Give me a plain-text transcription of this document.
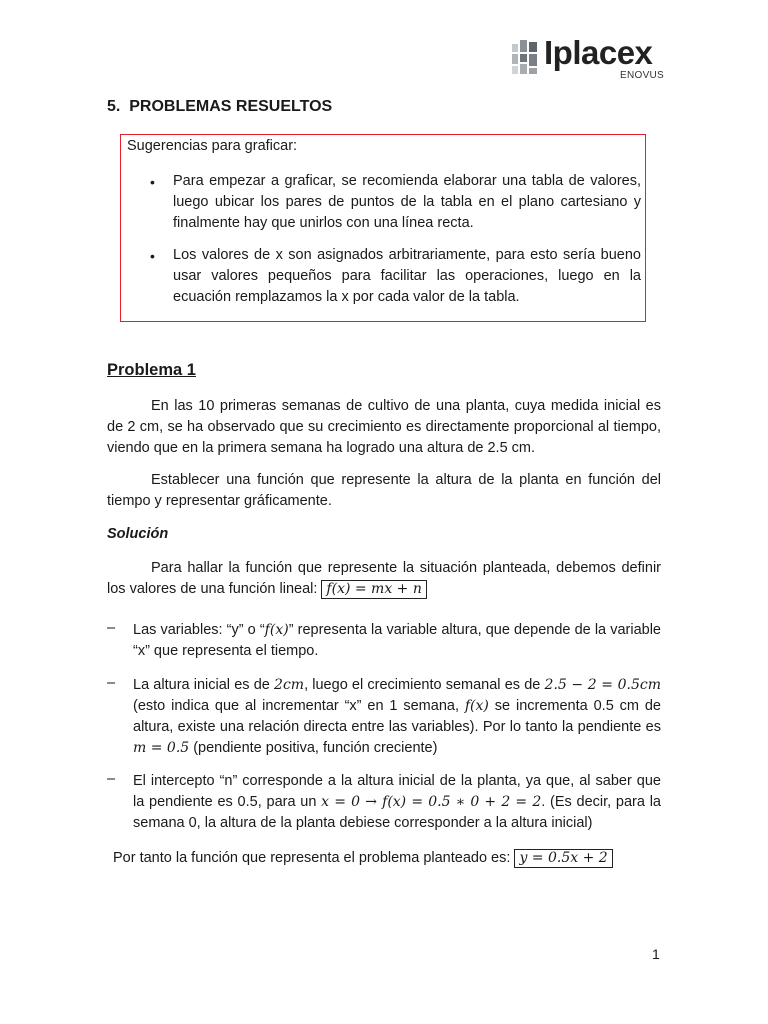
Iplacex
ENOVUS
5. PROBLEMAS RESUELTOS
Sugerencias para graficar:
• Para empezar a graficar, se recomienda elaborar una tabla de valores, luego ubicar los pares de puntos de la tabla en el plano cartesiano y finalmente hay que unirlos con una línea recta.
• Los valores de x son asignados arbitrariamente, para esto sería bueno usar valores pequeños para facilitar las operaciones, luego en la ecuación remplazamos la x por cada valor de la tabla.
Problema 1
En las 10 primeras semanas de cultivo de una planta, cuya medida inicial es de 2 cm, se ha observado que su crecimiento es directamente proporcional al tiempo, viendo que en la primera semana ha logrado una altura de 2.5 cm.
Establecer una función que represente la altura de la planta en función del tiempo y representar gráficamente.
Solución
Para hallar la función que represente la situación planteada, debemos definir los valores de una función lineal: f(x) = mx + n
– Las variables: “y” o “f(x)” representa la variable altura, que depende de la variable “x” que representa el tiempo.
– La altura inicial es de 2cm, luego el crecimiento semanal es de 2.5 − 2 = 0.5cm (esto indica que al incrementar “x” en 1 semana, f(x) se incrementa 0.5 cm de altura, existe una relación directa entre las variables). Por lo tanto la pendiente es m = 0.5 (pendiente positiva, función creciente)
– El intercepto “n” corresponde a la altura inicial de la planta, ya que, al saber que la pendiente es 0.5, para un x = 0 → f(x) = 0.5 ∗ 0 + 2 = 2. (Es decir, para la semana 0, la altura de la planta debiese corresponder a la altura inicial)
Por tanto la función que representa el problema planteado es: y = 0.5x + 2
1
